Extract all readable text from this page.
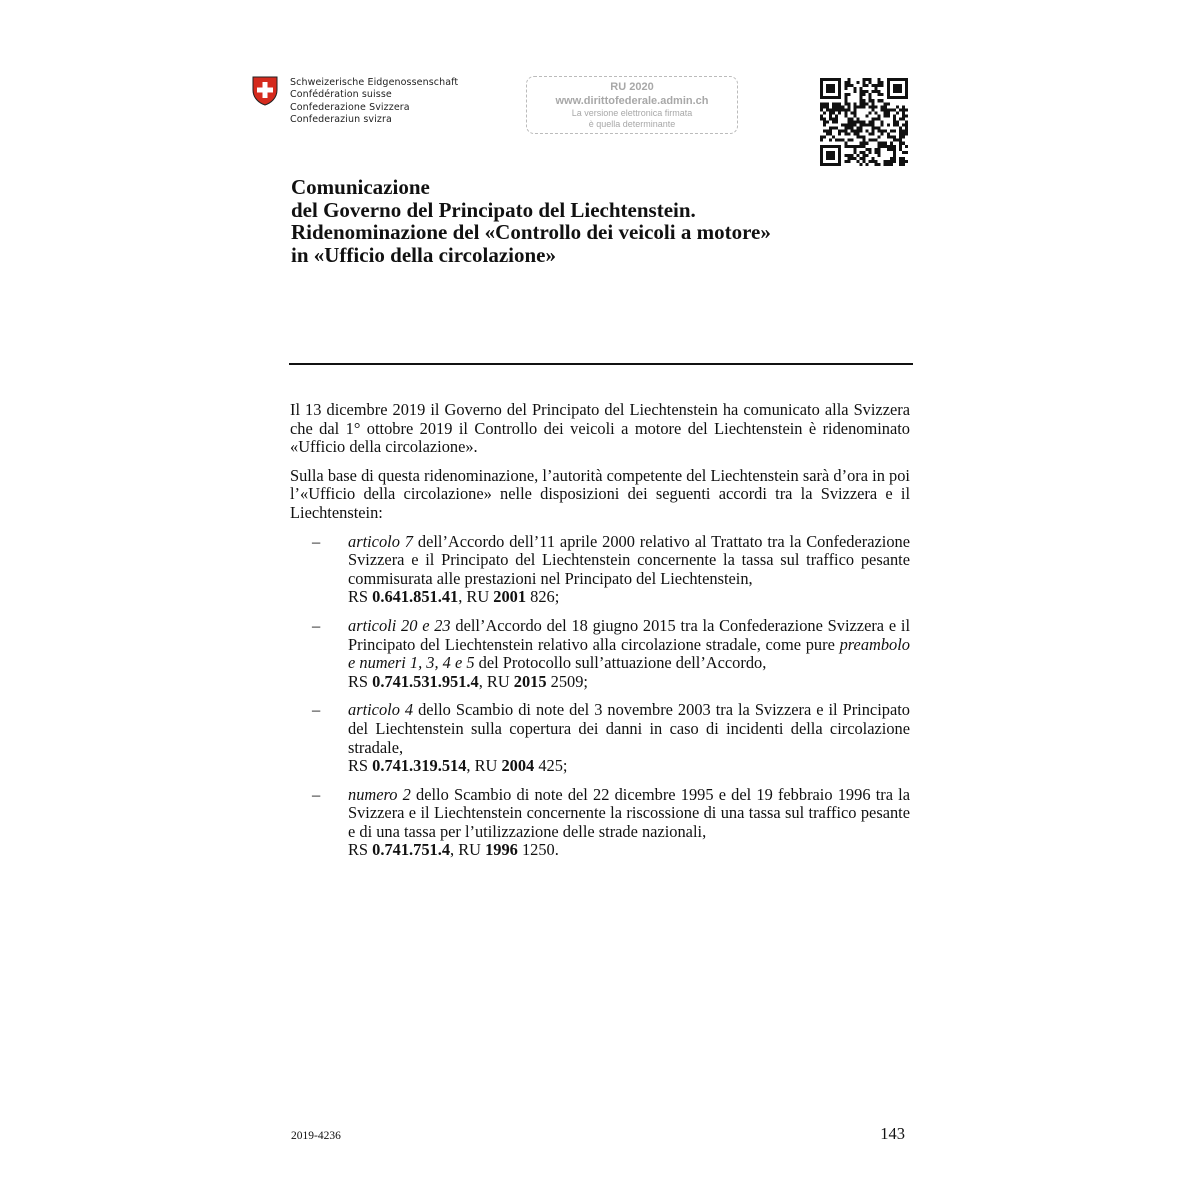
Schweizerische Eidgenossenschaft
Confédération suisse
Confederazione Svizzera
Confederaziun svizra
RU 2020
www.dirittofederale.admin.ch
La versione elettronica firmata
è quella determinante
Comunicazione
del Governo del Principato del Liechtenstein.
Ridenominazione del «Controllo dei veicoli a motore»
in «Ufficio della circolazione»

Il 13 dicembre 2019 il Governo del Principato del Liechtenstein ha comunicato alla Svizzera che dal 1° ottobre 2019 il Controllo dei veicoli a motore del Liechtenstein è ridenominato «Ufficio della circolazione».

Sulla base di questa ridenominazione, l’autorità competente del Liechtenstein sarà d’ora in poi l’«Ufficio della circolazione» nelle disposizioni dei seguenti accordi tra la Svizzera e il Liechtenstein:

– articolo 7 dell’Accordo dell’11 aprile 2000 relativo al Trattato tra la Confederazione Svizzera e il Principato del Liechtenstein concernente la tassa sul traffico pesante commisurata alle prestazioni nel Principato del Liechtenstein,
RS 0.641.851.41, RU 2001 826;
– articoli 20 e 23 dell’Accordo del 18 giugno 2015 tra la Confederazione Svizzera e il Principato del Liechtenstein relativo alla circolazione stradale, come pure preambolo e numeri 1, 3, 4 e 5 del Protocollo sull’attuazione dell’Accordo,
RS 0.741.531.951.4, RU 2015 2509;
– articolo 4 dello Scambio di note del 3 novembre 2003 tra la Svizzera e il Principato del Liechtenstein sulla copertura dei danni in caso di incidenti della circolazione stradale,
RS 0.741.319.514, RU 2004 425;
– numero 2 dello Scambio di note del 22 dicembre 1995 e del 19 febbraio 1996 tra la Svizzera e il Liechtenstein concernente la riscossione di una tassa sul traffico pesante e di una tassa per l’utilizzazione delle strade nazionali,
RS 0.741.751.4, RU 1996 1250.
2019-4236	143
